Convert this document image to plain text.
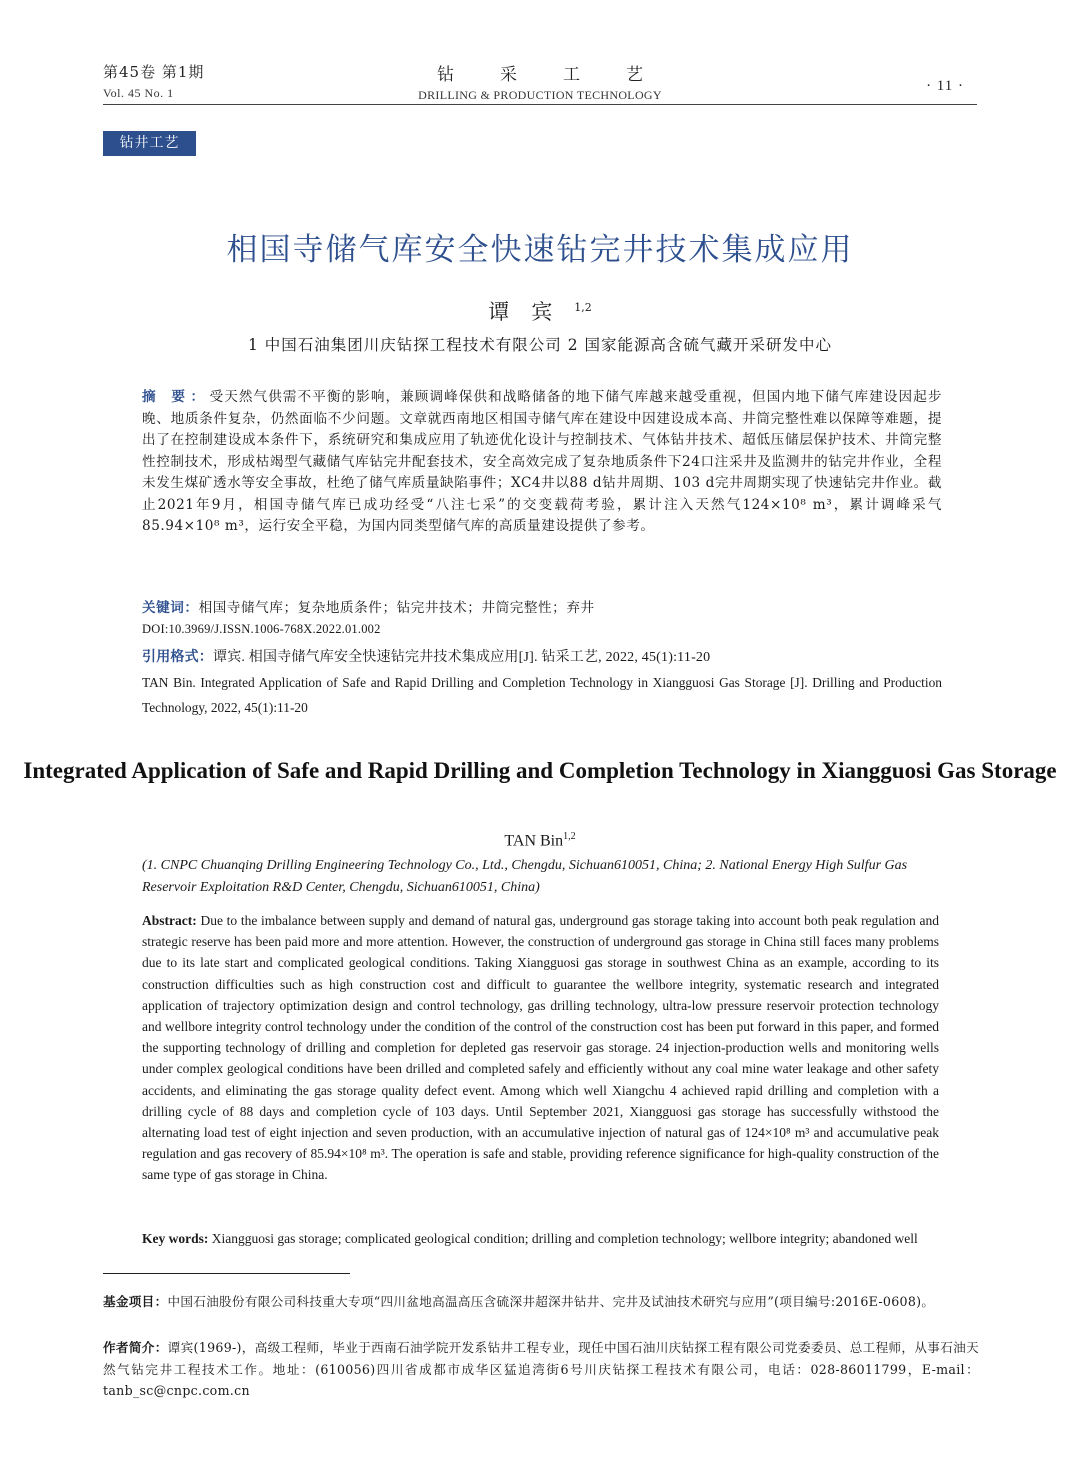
第45卷 第1期
Vol. 45 No. 1
钻采工艺
DRILLING & PRODUCTION TECHNOLOGY
· 11 ·
钻井工艺
相国寺储气库安全快速钻完井技术集成应用
谭宾$^{1,2}$
1 中国石油集团川庆钻探工程技术有限公司 2 国家能源高含硫气藏开采研发中心
摘 要：受天然气供需不平衡的影响，兼顾调峰保供和战略储备的地下储气库越来越受重视，但国内地下储气库建设因起步晚、地质条件复杂，仍然面临不少问题。文章就西南地区相国寺储气库在建设中因建设成本高、井筒完整性难以保障等难题，提出了在控制建设成本条件下，系统研究和集成应用了轨迹优化设计与控制技术、气体钻井技术、超低压储层保护技术、井筒完整性控制技术，形成枯竭型气藏储气库钻完井配套技术，安全高效完成了复杂地质条件下24口注采井及监测井的钻完井作业，全程未发生煤矿透水等安全事故，杜绝了储气库质量缺陷事件；XC4井以88 d钻井周期、103 d完井周期实现了快速钻完井作业。截止2021年9月，相国寺储气库已成功经受“八注七采”的交变载荷考验，累计注入天然气124×10⁸ m³，累计调峰采气85.94×10⁸ m³，运行安全平稳，为国内同类型储气库的高质量建设提供了参考。
关键词：相国寺储气库；复杂地质条件；钻完井技术；井筒完整性；弃井
DOI:10.3969/J.ISSN.1006-768X.2022.01.002
引用格式：谭宾. 相国寺储气库安全快速钻完井技术集成应用[J]. 钻采工艺, 2022, 45(1):11-20
TAN Bin. Integrated Application of Safe and Rapid Drilling and Completion Technology in Xiangguosi Gas Storage [J]. Drilling and Production Technology, 2022, 45(1):11-20
Integrated Application of Safe and Rapid Drilling and Completion Technology in Xiangguosi Gas Storage
TAN Bin$^{1,2}$
(1. CNPC Chuanqing Drilling Engineering Technology Co., Ltd., Chengdu, Sichuan610051, China; 2. National Energy High Sulfur Gas Reservoir Exploitation R&D Center, Chengdu, Sichuan610051, China)
Abstract: Due to the imbalance between supply and demand of natural gas, underground gas storage taking into account both peak regulation and strategic reserve has been paid more and more attention. However, the construction of underground gas storage in China still faces many problems due to its late start and complicated geological conditions. Taking Xiangguosi gas storage in southwest China as an example, according to its construction difficulties such as high construction cost and difficult to guarantee the wellbore integrity, systematic research and integrated application of trajectory optimization design and control technology, gas drilling technology, ultra-low pressure reservoir protection technology and wellbore integrity control technology under the condition of the control of the construction cost has been put forward in this paper, and formed the supporting technology of drilling and completion for depleted gas reservoir gas storage. 24 injection-production wells and monitoring wells under complex geological conditions have been drilled and completed safely and efficiently without any coal mine water leakage and other safety accidents, and eliminating the gas storage quality defect event. Among which well Xiangchu 4 achieved rapid drilling and completion with a drilling cycle of 88 days and completion cycle of 103 days. Until September 2021, Xiangguosi gas storage has successfully withstood the alternating load test of eight injection and seven production, with an accumulative injection of natural gas of 124×10⁸ m³ and accumulative peak regulation and gas recovery of 85.94×10⁸ m³. The operation is safe and stable, providing reference significance for high-quality construction of the same type of gas storage in China.
Key words: Xiangguosi gas storage; complicated geological condition; drilling and completion technology; wellbore integrity; abandoned well
基金项目：中国石油股份有限公司科技重大专项“四川盆地高温高压含硫深井超深井钻井、完井及试油技术研究与应用”(项目编号:2016E-0608)。
作者简介：谭宾(1969-)，高级工程师，毕业于西南石油学院开发系钻井工程专业，现任中国石油川庆钻探工程有限公司党委委员、总工程师，从事石油天然气钻完井工程技术工作。地址：(610056)四川省成都市成华区猛追湾街6号川庆钻探工程技术有限公司，电话：028-86011799，E-mail：tanb_sc@cnpc.com.cn
